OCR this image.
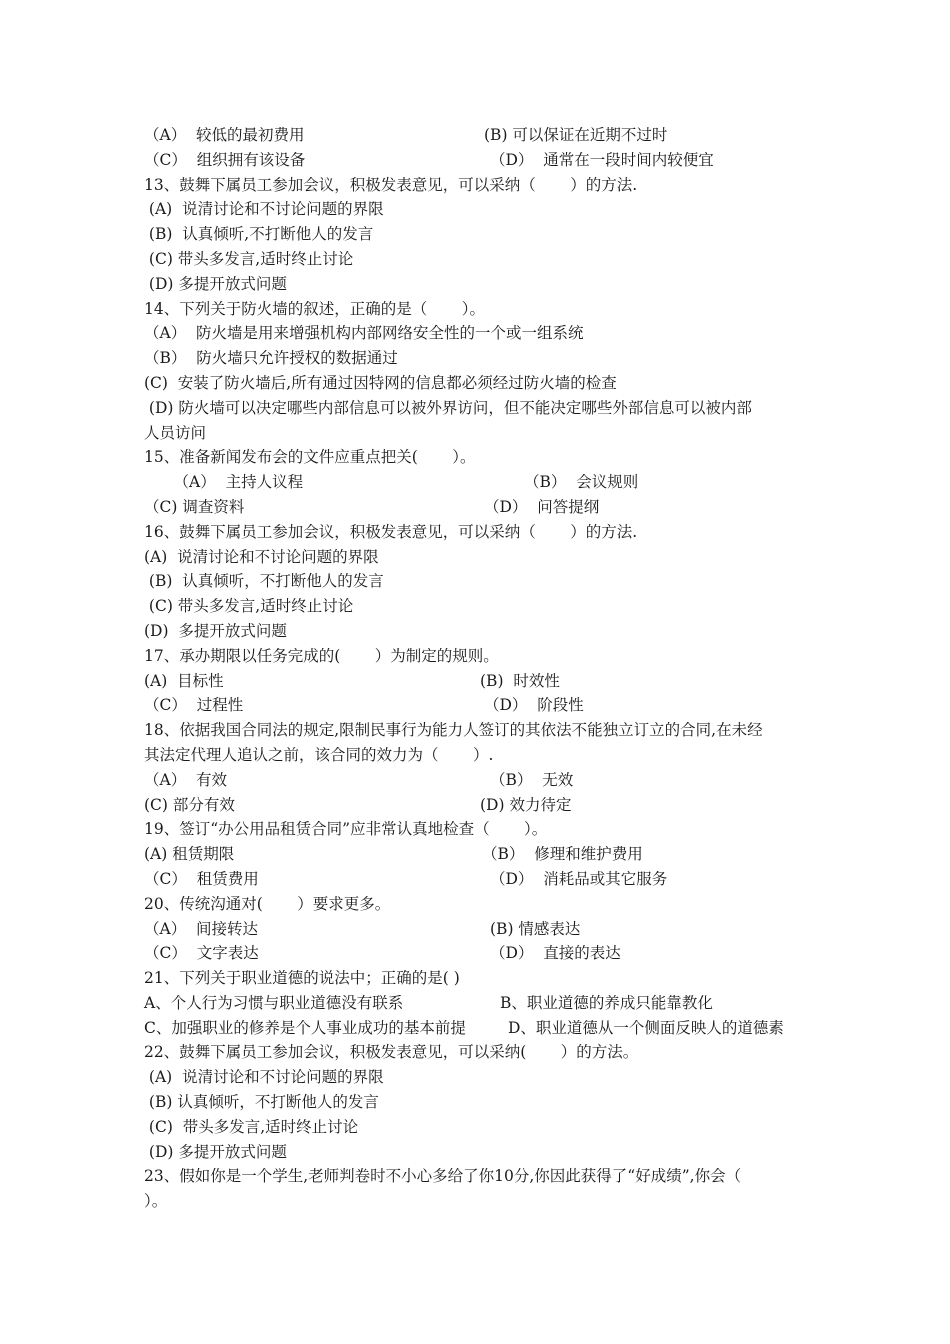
（A）  较低的最初费用	(B) 可以保证在近期不过时
（C）  组织拥有该设备	（D）  通常在一段时间内较便宜
13、鼓舞下属员工参加会议，积极发表意见，可以采纳（       ）的方法.
(A)  说清讨论和不讨论问题的界限
(B)  认真倾听,不打断他人的发言
(C) 带头多发言,适时终止讨论
(D) 多提开放式问题
14、下列关于防火墙的叙述，正确的是（       ）。
（A）  防火墙是用来增强机构内部网络安全性的一个或一组系统
（B）  防火墙只允许授权的数据通过
(C)  安装了防火墙后,所有通过因特网的信息都必须经过防火墙的检查
(D) 防火墙可以决定哪些内部信息可以被外界访问，但不能决定哪些外部信息可以被内部
人员访问
15、准备新闻发布会的文件应重点把关(       ）。
（A）  主持人议程	（B）  会议规则
（C) 调查资料	（D）  问答提纲
16、鼓舞下属员工参加会议，积极发表意见，可以采纳（       ）的方法.
(A)  说清讨论和不讨论问题的界限
(B)  认真倾听，不打断他人的发言
(C) 带头多发言,适时终止讨论
(D)  多提开放式问题
17、承办期限以任务完成的(       ）为制定的规则。
(A)  目标性	(B)  时效性
（C）  过程性	（D）  阶段性
18、依据我国合同法的规定,限制民事行为能力人签订的其依法不能独立订立的合同,在未经
其法定代理人追认之前，该合同的效力为（       ）.
（A）  有效	（B）  无效
(C) 部分有效	(D) 效力待定
19、签订“办公用品租赁合同”应非常认真地检查（       ）。
(A) 租赁期限	（B）  修理和维护费用
（C）  租赁费用	（D）  消耗品或其它服务
20、传统沟通对(       ）要求更多。
（A）  间接转达	(B) 情感表达
（C）  文字表达	（D）  直接的表达
21、下列关于职业道德的说法中；正确的是( )
A、个人行为习惯与职业道德没有联系	B、职业道德的养成只能靠教化
C、加强职业的修养是个人事业成功的基本前提	D、职业道德从一个侧面反映人的道德素
22、鼓舞下属员工参加会议，积极发表意见，可以采纳(       ）的方法。
(A)  说清讨论和不讨论问题的界限
(B) 认真倾听，不打断他人的发言
(C)  带头多发言,适时终止讨论
(D) 多提开放式问题
23、假如你是一个学生,老师判卷时不小心多给了你10分,你因此获得了“好成绩”,你会（
）。
